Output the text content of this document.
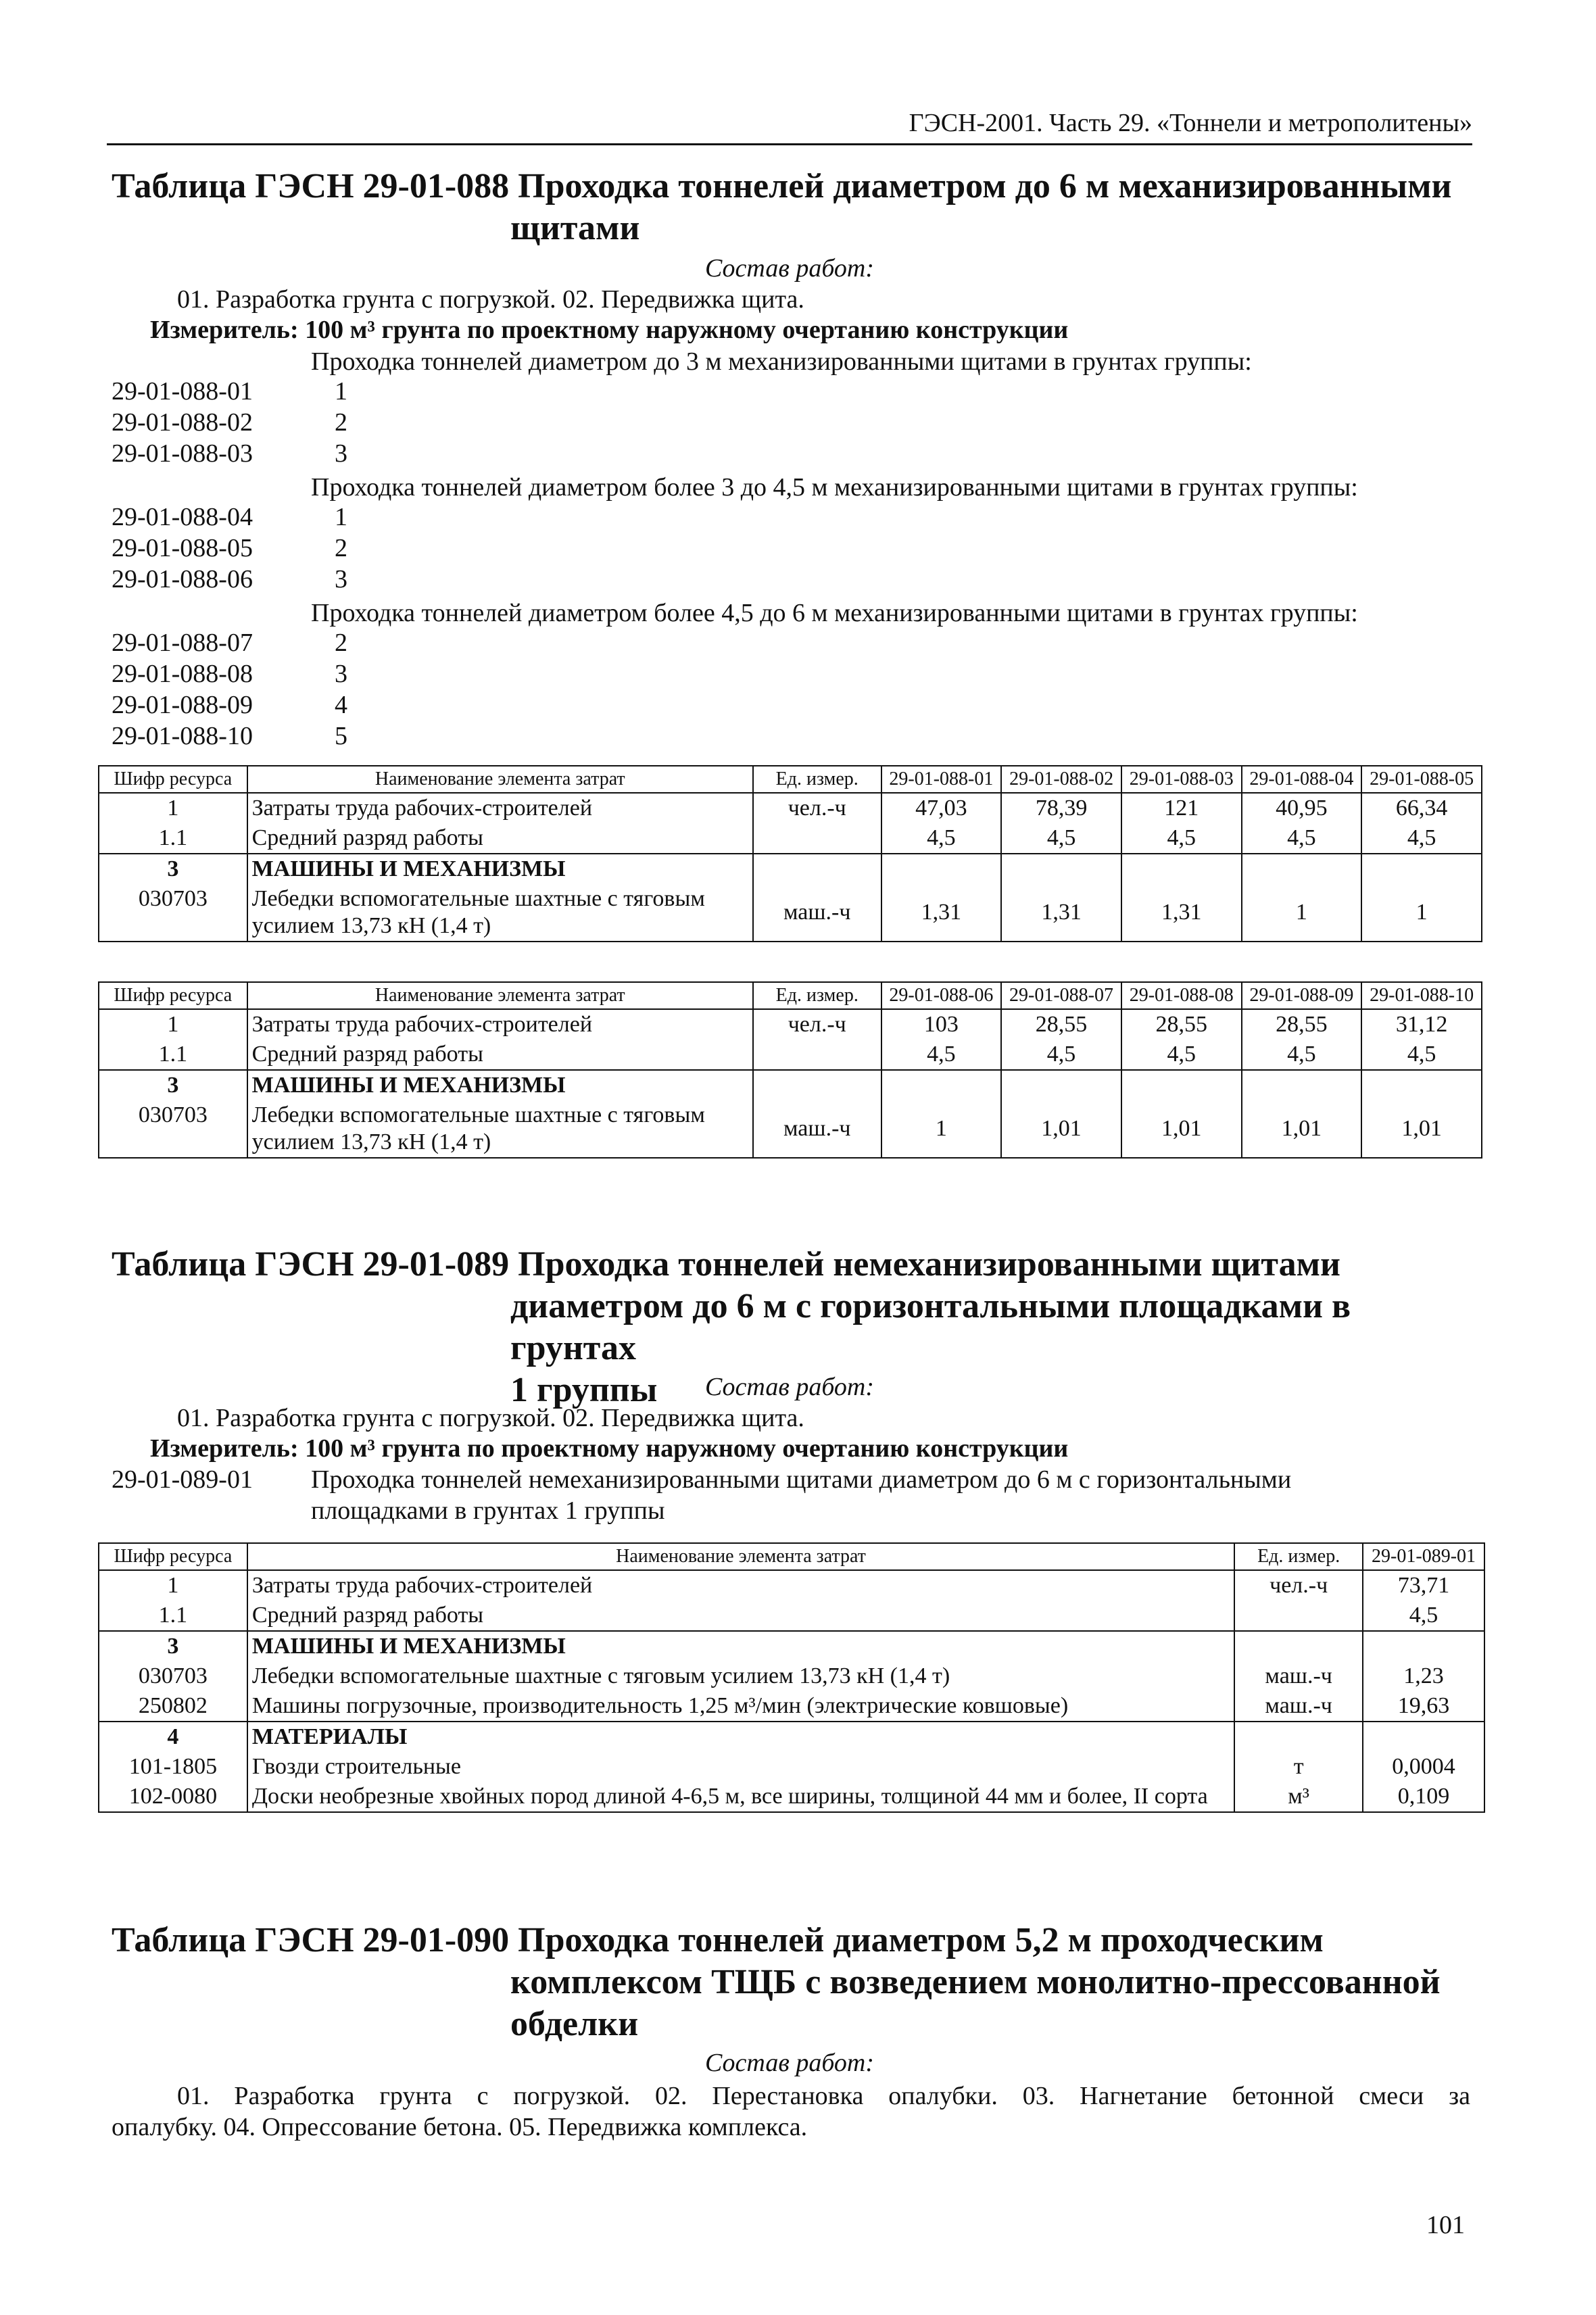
ГЭСН-2001. Часть 29. «Тоннели и метрополитены»
Таблица ГЭСН 29-01-088 Проходка тоннелей диаметром до 6 м механизированными
щитами
Состав работ:
01. Разработка грунта с погрузкой. 02. Передвижка щита.
Измеритель: 100 м³ грунта по проектному наружному очертанию конструкции
Проходка тоннелей диаметром до 3 м механизированными щитами в грунтах группы:
29-01-088-01	1
29-01-088-02	2
29-01-088-03	3
Проходка тоннелей диаметром более 3 до 4,5 м механизированными щитами в грунтах группы:
29-01-088-04	1
29-01-088-05	2
29-01-088-06	3
Проходка тоннелей диаметром более 4,5 до 6 м механизированными щитами в грунтах группы:
29-01-088-07	2
29-01-088-08	3
29-01-088-09	4
29-01-088-10	5
Шифр ресурса	Наименование элемента затрат	Ед. измер.	29-01-088-01	29-01-088-02	29-01-088-03	29-01-088-04	29-01-088-05
1	Затраты труда рабочих-строителей	чел.-ч	47,03	78,39	121	40,95	66,34
1.1	Средний разряд работы		4,5	4,5	4,5	4,5	4,5
3	МАШИНЫ И МЕХАНИЗМЫ						
030703	Лебедки вспомогательные шахтные с тяговым усилием 13,73 кН (1,4 т)	маш.-ч	1,31	1,31	1,31	1	1
Шифр ресурса	Наименование элемента затрат	Ед. измер.	29-01-088-06	29-01-088-07	29-01-088-08	29-01-088-09	29-01-088-10
1	Затраты труда рабочих-строителей	чел.-ч	103	28,55	28,55	28,55	31,12
1.1	Средний разряд работы		4,5	4,5	4,5	4,5	4,5
3	МАШИНЫ И МЕХАНИЗМЫ						
030703	Лебедки вспомогательные шахтные с тяговым усилием 13,73 кН (1,4 т)	маш.-ч	1	1,01	1,01	1,01	1,01
Таблица ГЭСН 29-01-089 Проходка тоннелей немеханизированными щитами
диаметром до 6 м с горизонтальными площадками в грунтах
1 группы	Состав работ:
01. Разработка грунта с погрузкой. 02. Передвижка щита.
Измеритель: 100 м³ грунта по проектному наружному очертанию конструкции
29-01-089-01 Проходка тоннелей немеханизированными щитами диаметром до 6 м с горизонтальными
площадками в грунтах 1 группы
Шифр ресурса	Наименование элемента затрат	Ед. измер.	29-01-089-01
1	Затраты труда рабочих-строителей	чел.-ч	73,71
1.1	Средний разряд работы		4,5
3	МАШИНЫ И МЕХАНИЗМЫ		
030703	Лебедки вспомогательные шахтные с тяговым усилием 13,73 кН (1,4 т)	маш.-ч	1,23
250802	Машины погрузочные, производительность 1,25 м³/мин (электрические ковшовые)	маш.-ч	19,63
4	МАТЕРИАЛЫ		
101-1805	Гвозди строительные	т	0,0004
102-0080	Доски необрезные хвойных пород длиной 4-6,5 м, все ширины, толщиной 44 мм и более, II сорта	м³	0,109
Таблица ГЭСН 29-01-090 Проходка тоннелей диаметром 5,2 м проходческим
комплексом ТЩБ с возведением монолитно-прессованной
обделки
Состав работ:
01. Разработка грунта с погрузкой. 02. Перестановка опалубки. 03. Нагнетание бетонной смеси за
опалубку. 04. Опрессование бетона. 05. Передвижка комплекса.
101
